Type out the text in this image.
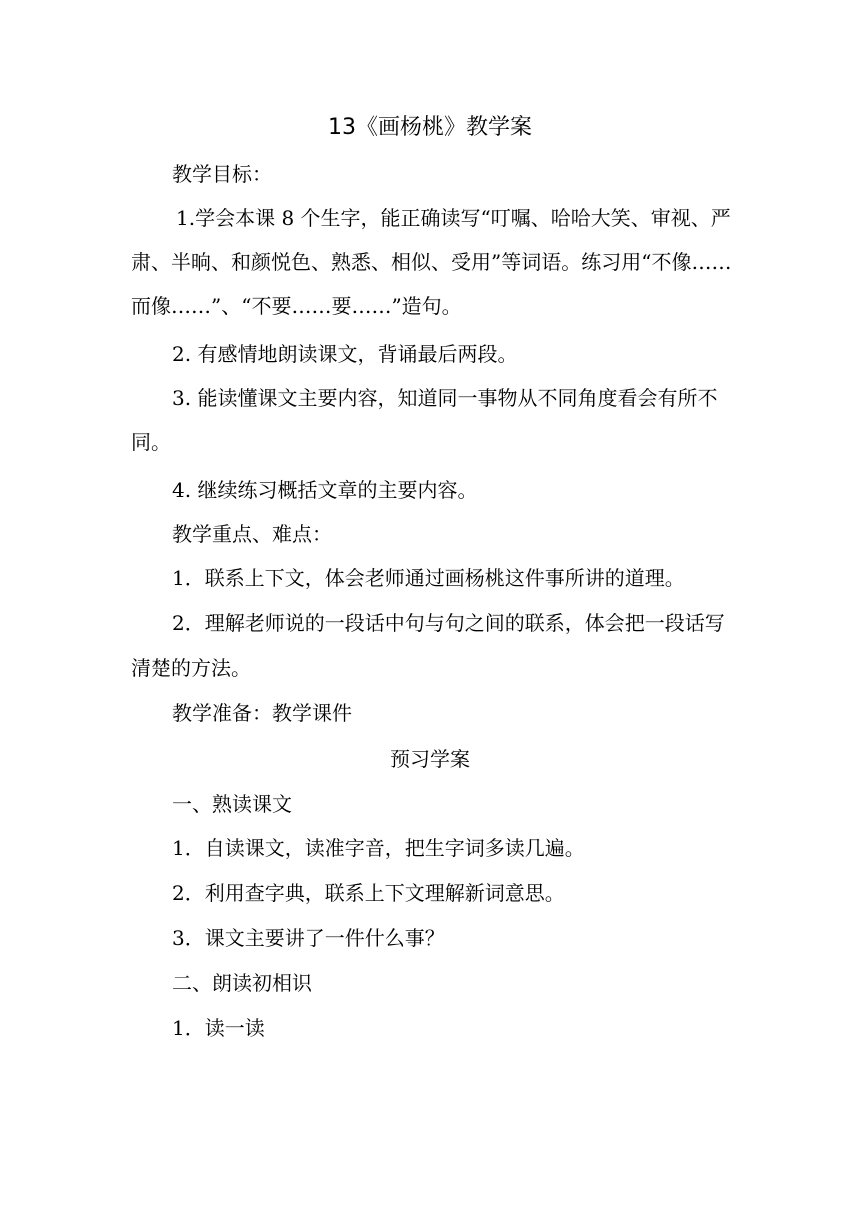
13《画杨桃》教学案
教学目标：
1.学会本课 8 个生字，能正确读写“叮嘱、哈哈大笑、审视、严
肃、半晌、和颜悦色、熟悉、相似、受用”等词语。练习用“不像……
而像……”、“不要……要……”造句。
2. 有感情地朗读课文，背诵最后两段。
3. 能读懂课文主要内容，知道同一事物从不同角度看会有所不
同。
4. 继续练习概括文章的主要内容。
教学重点、难点：
1．联系上下文，体会老师通过画杨桃这件事所讲的道理。
2．理解老师说的一段话中句与句之间的联系，体会把一段话写
清楚的方法。
教学准备：教学课件
预习学案
一、熟读课文
1．自读课文，读准字音，把生字词多读几遍。
2．利用查字典，联系上下文理解新词意思。
3．课文主要讲了一件什么事？
二、朗读初相识
1．读一读
